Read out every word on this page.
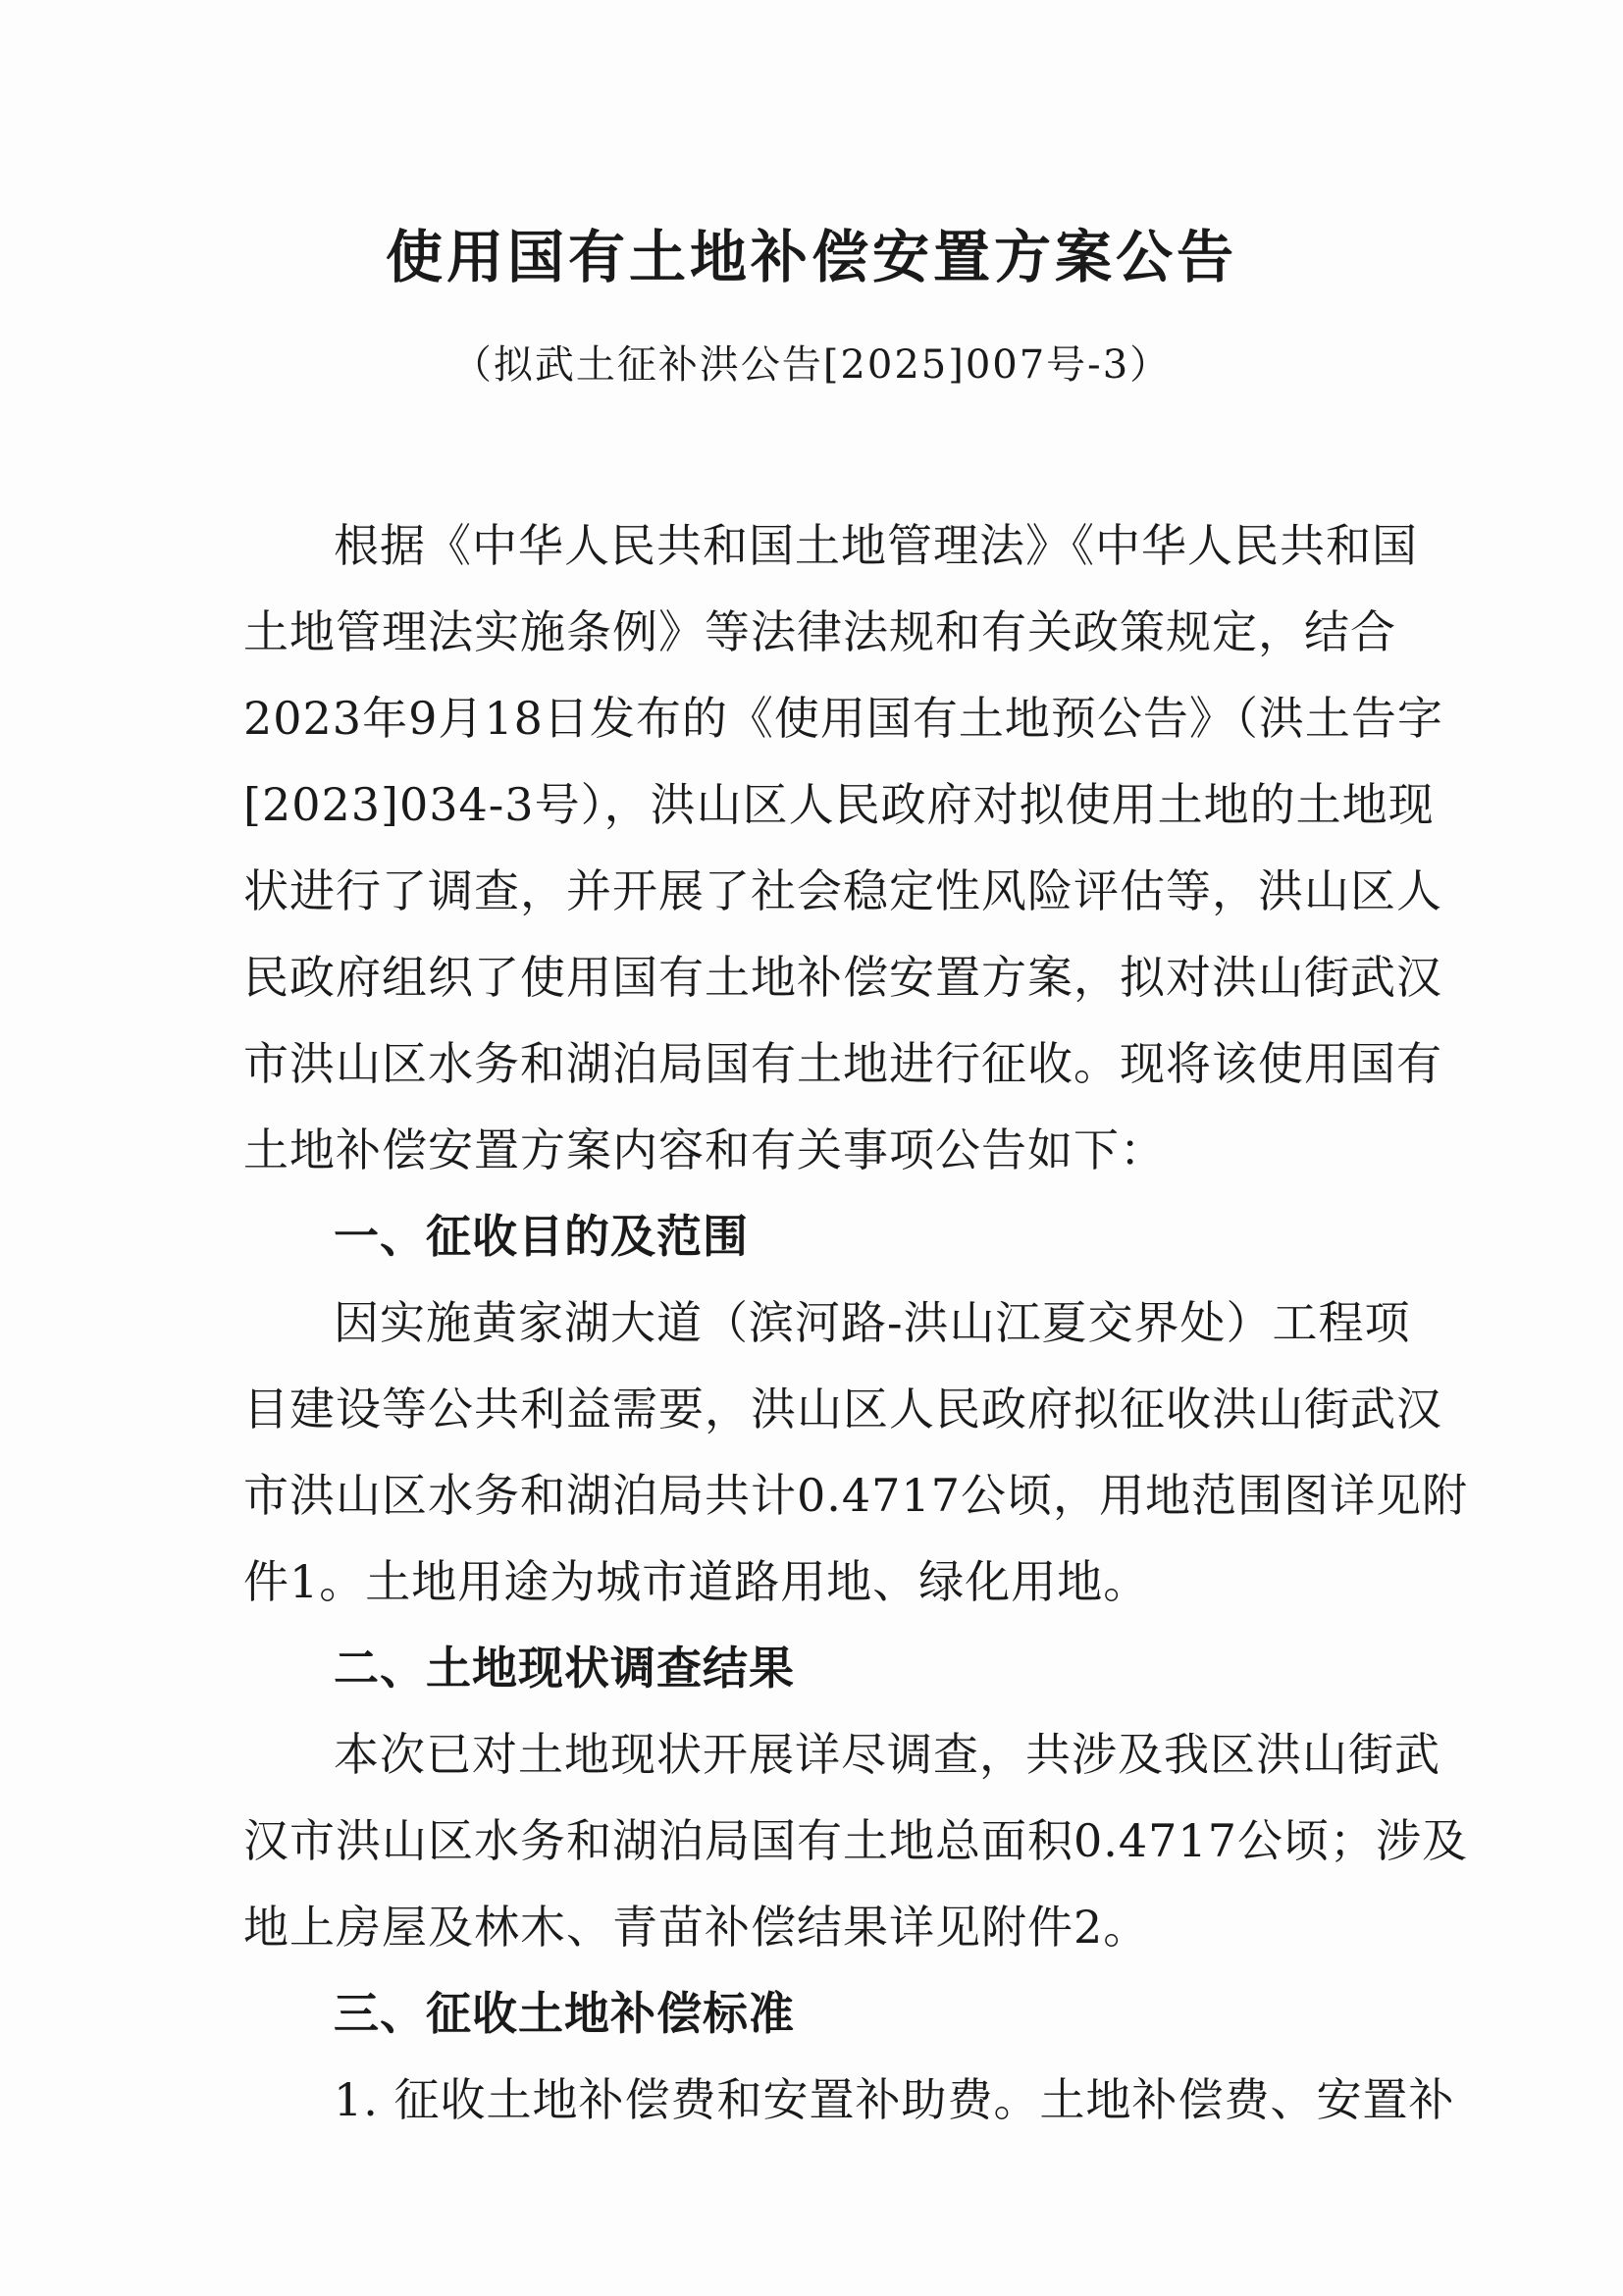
使用国有土地补偿安置方案公告
（拟武土征补洪公告[2025]007号-3）
根据《中华人民共和国土地管理法》《中华人民共和国
土地管理法实施条例》等法律法规和有关政策规定，结合
2023年9月18日发布的《使用国有土地预公告》（洪土告字
[2023]034-3号），洪山区人民政府对拟使用土地的土地现
状进行了调查，并开展了社会稳定性风险评估等，洪山区人
民政府组织了使用国有土地补偿安置方案，拟对洪山街武汉
市洪山区水务和湖泊局国有土地进行征收。现将该使用国有
土地补偿安置方案内容和有关事项公告如下：
一、征收目的及范围
因实施黄家湖大道（滨河路-洪山江夏交界处）工程项
目建设等公共利益需要，洪山区人民政府拟征收洪山街武汉
市洪山区水务和湖泊局共计0.4717公顷，用地范围图详见附
件1。土地用途为城市道路用地、绿化用地。
二、土地现状调查结果
本次已对土地现状开展详尽调查，共涉及我区洪山街武
汉市洪山区水务和湖泊局国有土地总面积0.4717公顷；涉及
地上房屋及林木、青苗补偿结果详见附件2。
三、征收土地补偿标准
1. 征收土地补偿费和安置补助费。土地补偿费、安置补
